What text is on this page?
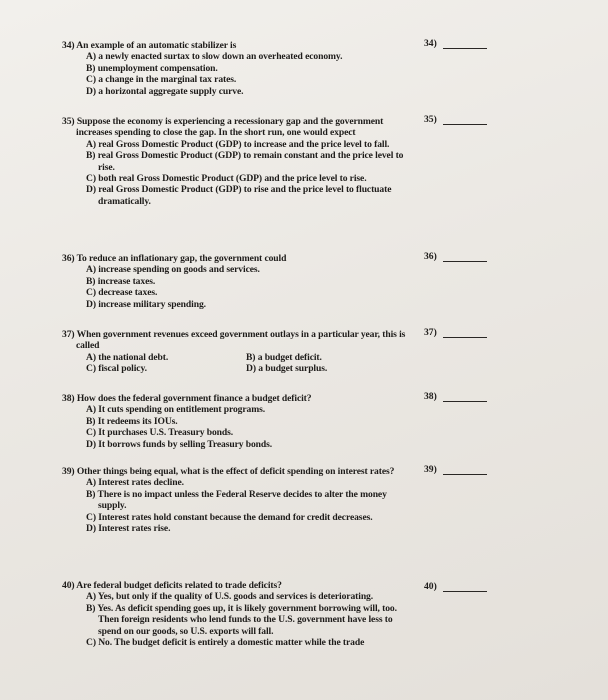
34) An example of an automatic stabilizer is

A) a newly enacted surtax to slow down an overheated economy.
B) unemployment compensation.
C) a change in the marginal tax rates.
D) a horizontal aggregate supply curve.
34)

35) Suppose the economy is experiencing a recessionary gap and the government increases spending to close the gap. In the short run, one would expect

A) real Gross Domestic Product (GDP) to increase and the price level to fall.
B) real Gross Domestic Product (GDP) to remain constant and the price level to rise.
C) both real Gross Domestic Product (GDP) and the price level to rise.
D) real Gross Domestic Product (GDP) to rise and the price level to fluctuate dramatically.
35)

36) To reduce an inflationary gap, the government could

A) increase spending on goods and services.
B) increase taxes.
C) decrease taxes.
D) increase military spending.
36)

37) When government revenues exceed government outlays in a particular year, this is called

A) the national debt.	B) a budget deficit.
C) fiscal policy.	D) a budget surplus.
37)

38) How does the federal government finance a budget deficit?

A) It cuts spending on entitlement programs.
B) It redeems its IOUs.
C) It purchases U.S. Treasury bonds.
D) It borrows funds by selling Treasury bonds.
38)

39) Other things being equal, what is the effect of deficit spending on interest rates?

A) Interest rates decline.
B) There is no impact unless the Federal Reserve decides to alter the money supply.
C) Interest rates hold constant because the demand for credit decreases.
D) Interest rates rise.
39)

40) Are federal budget deficits related to trade deficits?

A) Yes, but only if the quality of U.S. goods and services is deteriorating.
B) Yes. As deficit spending goes up, it is likely government borrowing will, too. Then foreign residents who lend funds to the U.S. government have less to spend on our goods, so U.S. exports will fall.
C) No. The budget deficit is entirely a domestic matter while the trade
40)
